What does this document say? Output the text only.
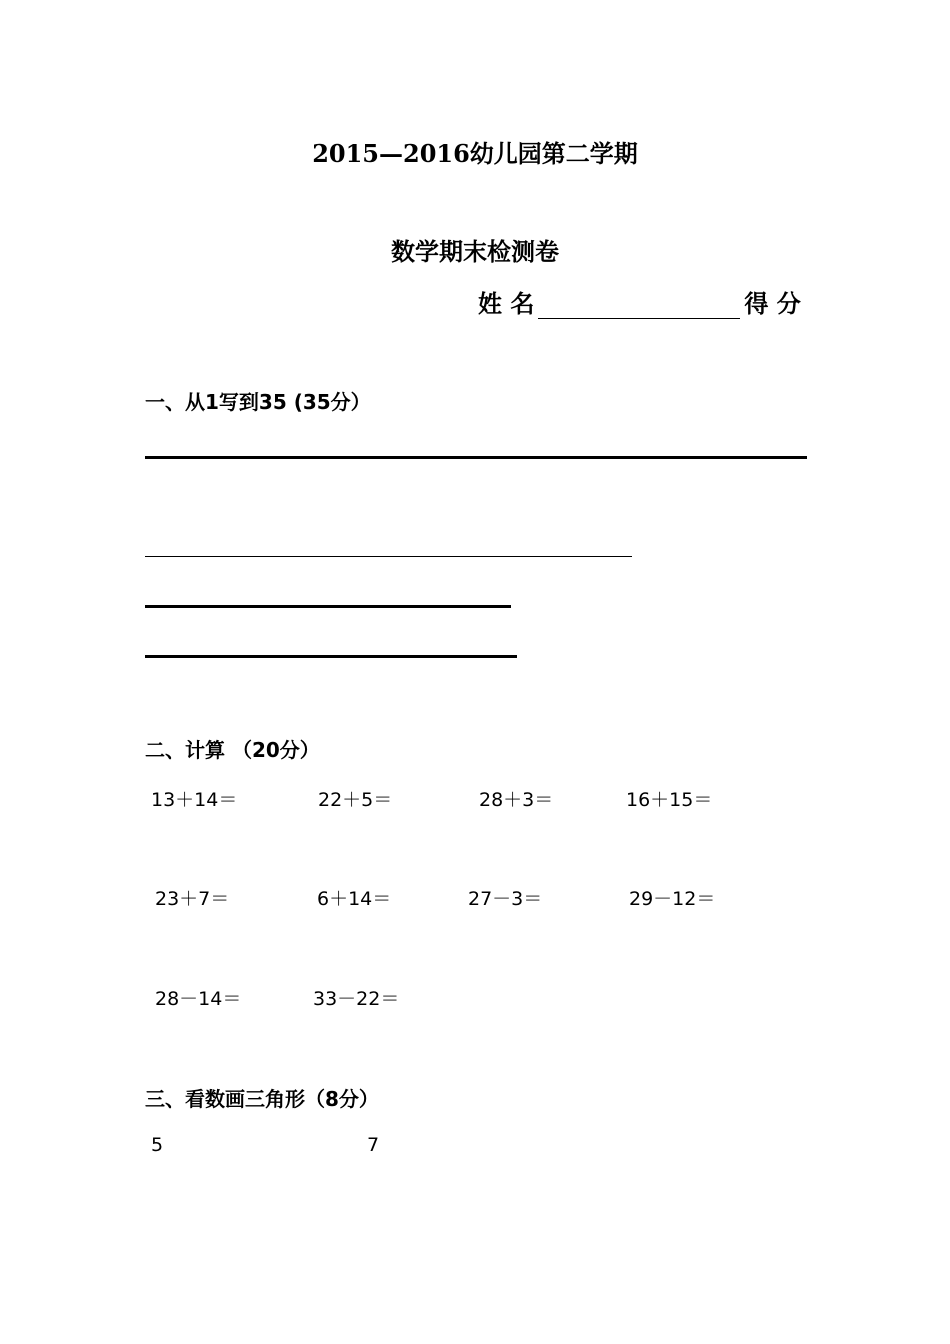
2015—2016幼儿园第二学期
数学期末检测卷
姓 名	得 分
一、从1写到35 (35分）
二、计算 （20分）
13＋14＝	22＋5＝	28＋3＝	16＋15＝
23＋7＝	6＋14＝	27－3＝	29－12＝
28－14＝	33－22＝
三、看数画三角形（8分）
5	7
